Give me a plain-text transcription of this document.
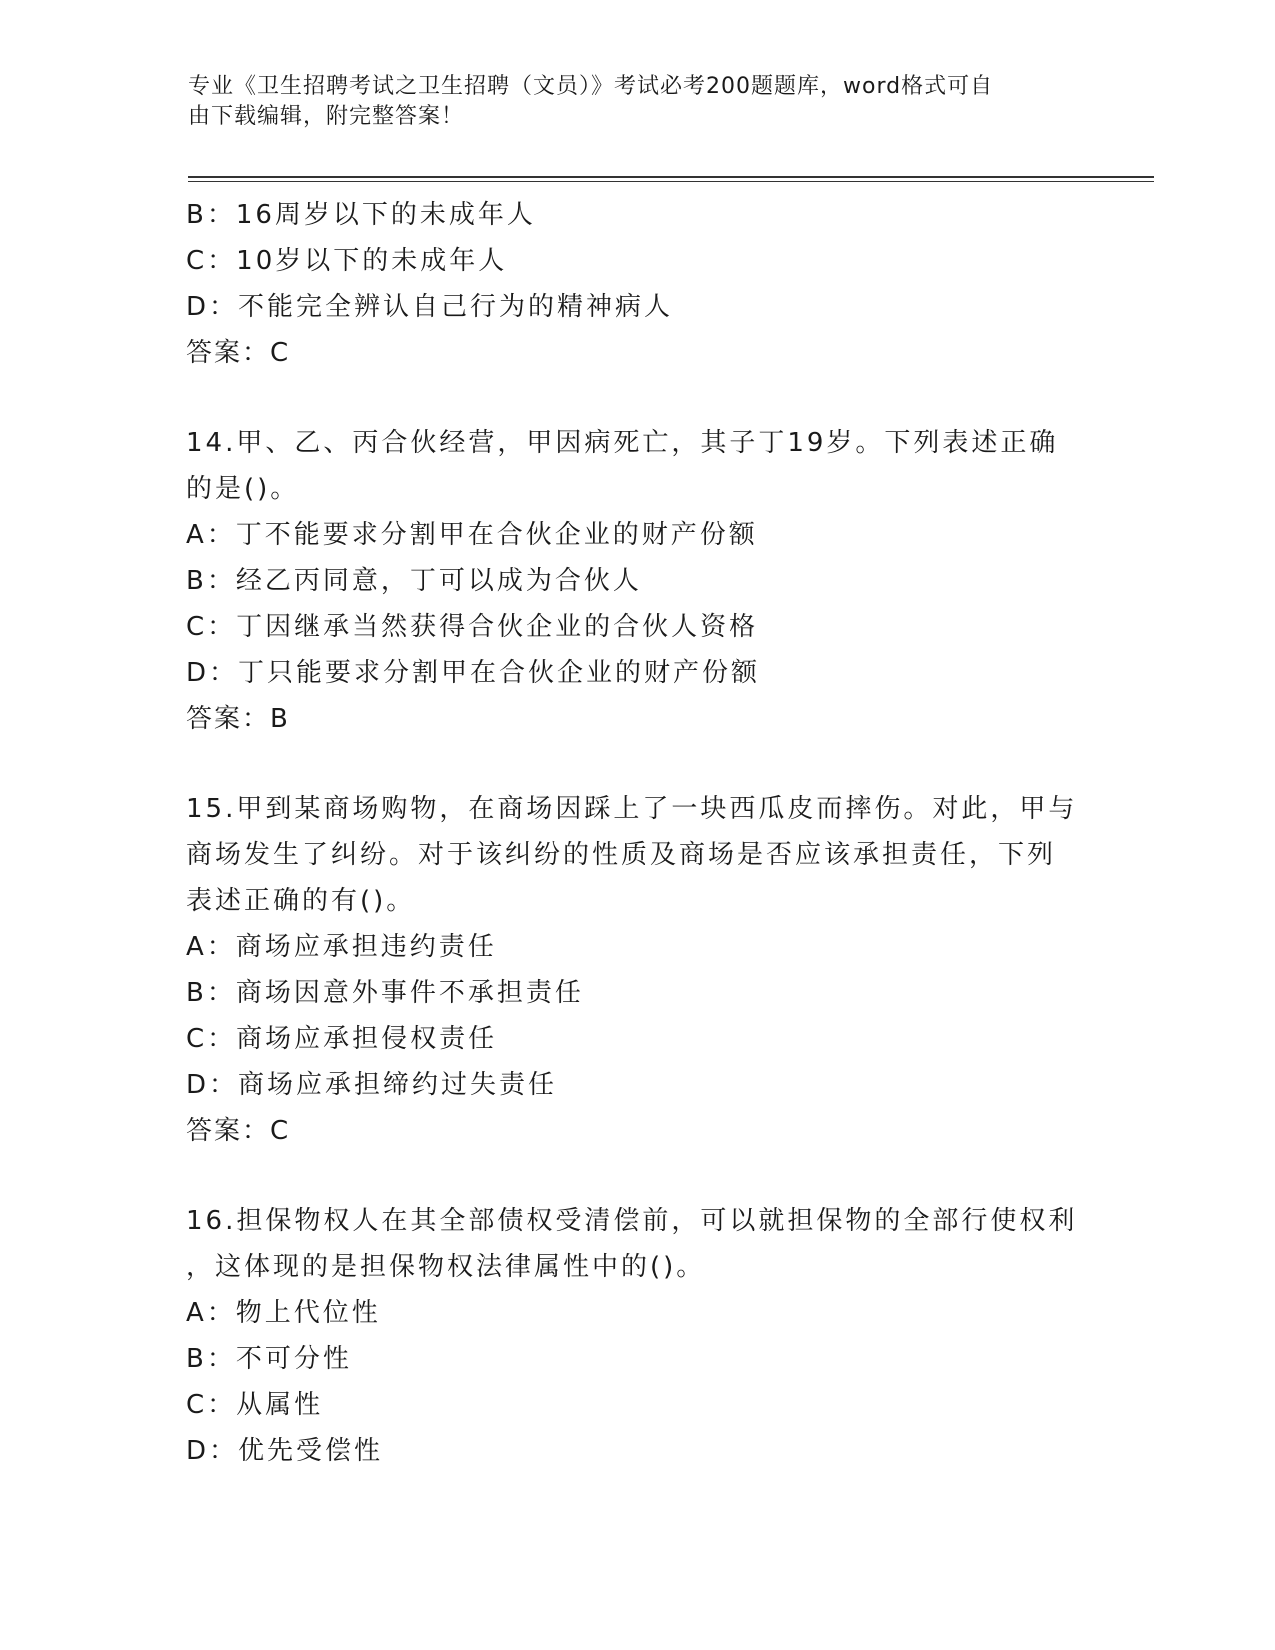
专业《卫生招聘考试之卫生招聘（文员）》考试必考200题题库，word格式可自
由下载编辑，附完整答案！
B：16周岁以下的未成年人
C：10岁以下的未成年人
D：不能完全辨认自己行为的精神病人
答案：C
14.甲、乙、丙合伙经营，甲因病死亡，其子丁19岁。下列表述正确
的是()。
A：丁不能要求分割甲在合伙企业的财产份额
B：经乙丙同意，丁可以成为合伙人
C：丁因继承当然获得合伙企业的合伙人资格
D：丁只能要求分割甲在合伙企业的财产份额
答案：B
15.甲到某商场购物，在商场因踩上了一块西瓜皮而摔伤。对此，甲与
商场发生了纠纷。对于该纠纷的性质及商场是否应该承担责任，下列
表述正确的有()。
A：商场应承担违约责任
B：商场因意外事件不承担责任
C：商场应承担侵权责任
D：商场应承担缔约过失责任
答案：C
16.担保物权人在其全部债权受清偿前，可以就担保物的全部行使权利
，这体现的是担保物权法律属性中的()。
A：物上代位性
B：不可分性
C：从属性
D：优先受偿性
